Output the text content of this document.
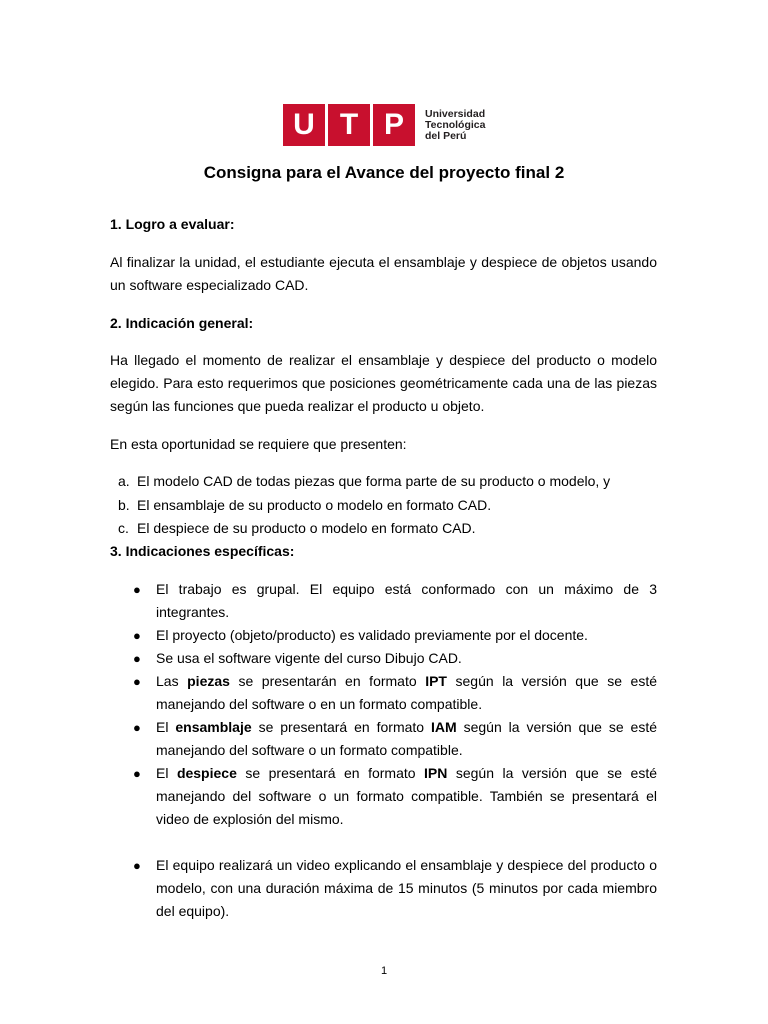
U T P	Universidad
Tecnológica
del Perú
Consigna para el Avance del proyecto final 2
1. Logro a evaluar:
Al finalizar la unidad, el estudiante ejecuta el ensamblaje y despiece de objetos usando un software especializado CAD.
2. Indicación general:
Ha llegado el momento de realizar el ensamblaje y despiece del producto o modelo elegido. Para esto requerimos que posiciones geométricamente cada una de las piezas según las funciones que pueda realizar el producto u objeto.
En esta oportunidad se requiere que presenten:
a. El modelo CAD de todas piezas que forma parte de su producto o modelo, y
b. El ensamblaje de su producto o modelo en formato CAD.
c. El despiece de su producto o modelo en formato CAD.
3. Indicaciones específicas:
● El trabajo es grupal. El equipo está conformado con un máximo de 3 integrantes.
● El proyecto (objeto/producto) es validado previamente por el docente.
● Se usa el software vigente del curso Dibujo CAD.
● Las piezas se presentarán en formato IPT según la versión que se esté manejando del software o en un formato compatible.
● El ensamblaje se presentará en formato IAM según la versión que se esté manejando del software o un formato compatible.
● El despiece se presentará en formato IPN según la versión que se esté manejando del software o un formato compatible. También se presentará el video de explosión del mismo.
● El equipo realizará un video explicando el ensamblaje y despiece del producto o modelo, con una duración máxima de 15 minutos (5 minutos por cada miembro del equipo).
1
